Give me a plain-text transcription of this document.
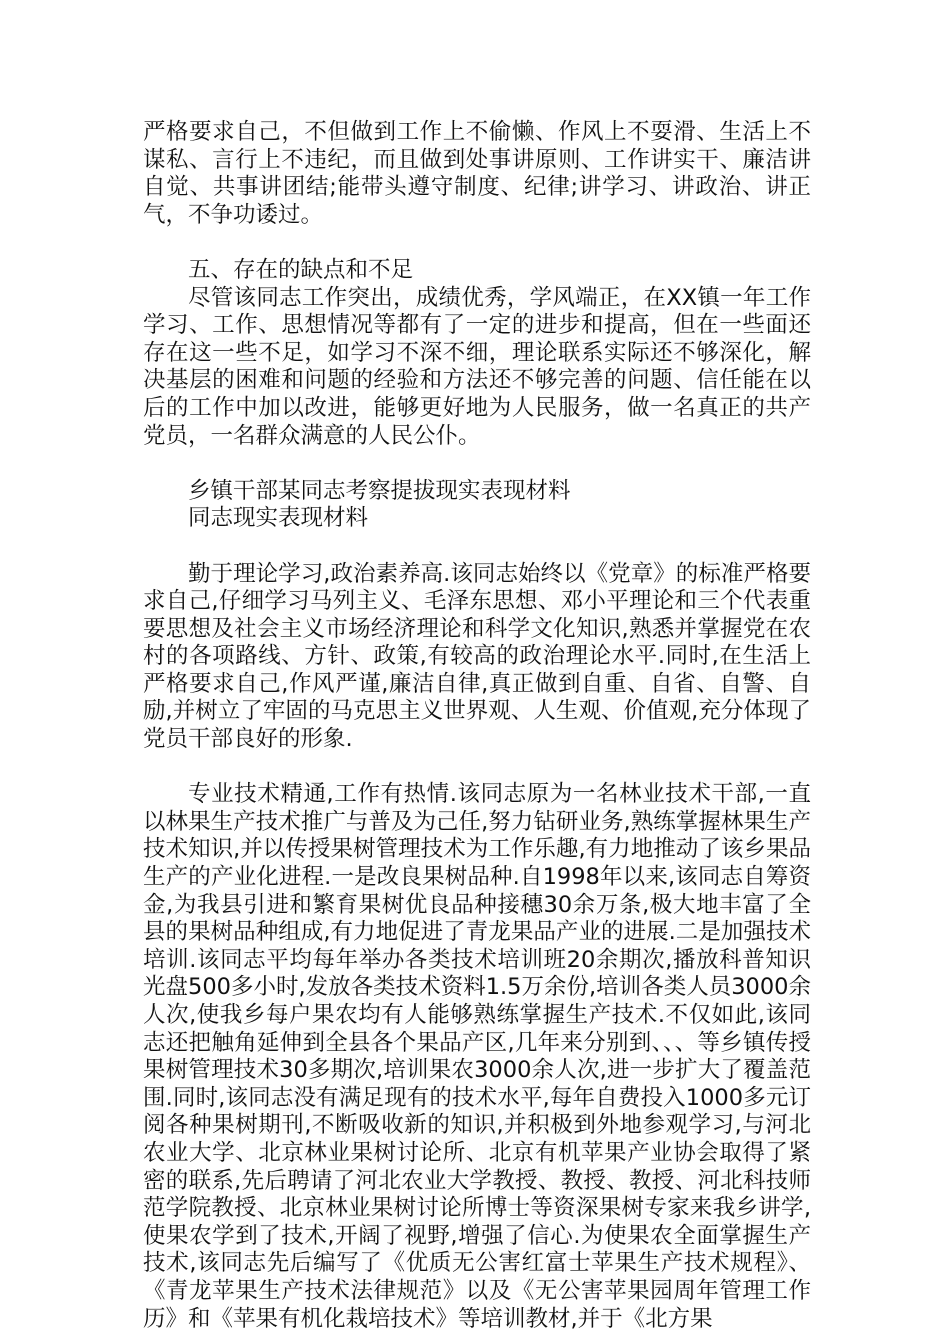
严格要求自己，不但做到工作上不偷懒、作风上不耍滑、生活上不谋私、言行上不违纪，而且做到处事讲原则、工作讲实干、廉洁讲自觉、共事讲团结;能带头遵守制度、纪律;讲学习、讲政治、讲正气，不争功诿过。

五、存在的缺点和不足

尽管该同志工作突出，成绩优秀，学风端正，在XX镇一年工作学习、工作、思想情况等都有了一定的进步和提高，但在一些面还存在这一些不足，如学习不深不细，理论联系实际还不够深化，解决基层的困难和问题的经验和方法还不够完善的问题、信任能在以后的工作中加以改进，能够更好地为人民服务，做一名真正的共产党员，一名群众满意的人民公仆。

乡镇干部某同志考察提拔现实表现材料

同志现实表现材料

勤于理论学习,政治素养高.该同志始终以《党章》的标准严格要求自己,仔细学习马列主义、毛泽东思想、邓小平理论和三个代表重要思想及社会主义市场经济理论和科学文化知识,熟悉并掌握党在农村的各项路线、方针、政策,有较高的政治理论水平.同时,在生活上严格要求自己,作风严谨,廉洁自律,真正做到自重、自省、自警、自励,并树立了牢固的马克思主义世界观、人生观、价值观,充分体现了党员干部良好的形象.

专业技术精通,工作有热情.该同志原为一名林业技术干部,一直以林果生产技术推广与普及为己任,努力钻研业务,熟练掌握林果生产技术知识,并以传授果树管理技术为工作乐趣,有力地推动了该乡果品生产的产业化进程.一是改良果树品种.自1998年以来,该同志自筹资金,为我县引进和繁育果树优良品种接穗30余万条,极大地丰富了全县的果树品种组成,有力地促进了青龙果品产业的进展.二是加强技术培训.该同志平均每年举办各类技术培训班20余期次,播放科普知识光盘500多小时,发放各类技术资料1.5万余份,培训各类人员3000余人次,使我乡每户果农均有人能够熟练掌握生产技术.不仅如此,该同志还把触角延伸到全县各个果品产区,几年来分别到、、、等乡镇传授果树管理技术30多期次,培训果农3000余人次,进一步扩大了覆盖范围.同时,该同志没有满足现有的技术水平,每年自费投入1000多元订阅各种果树期刊,不断吸收新的知识,并积极到外地参观学习,与河北农业大学、北京林业果树讨论所、北京有机苹果产业协会取得了紧密的联系,先后聘请了河北农业大学教授、教授、教授、河北科技师范学院教授、北京林业果树讨论所博士等资深果树专家来我乡讲学,使果农学到了技术,开阔了视野,增强了信心.为使果农全面掌握生产技术,该同志先后编写了《优质无公害红富士苹果生产技术规程》、《青龙苹果生产技术法律规范》以及《无公害苹果园周年管理工作历》和《苹果有机化栽培技术》等培训教材,并于《北方果
